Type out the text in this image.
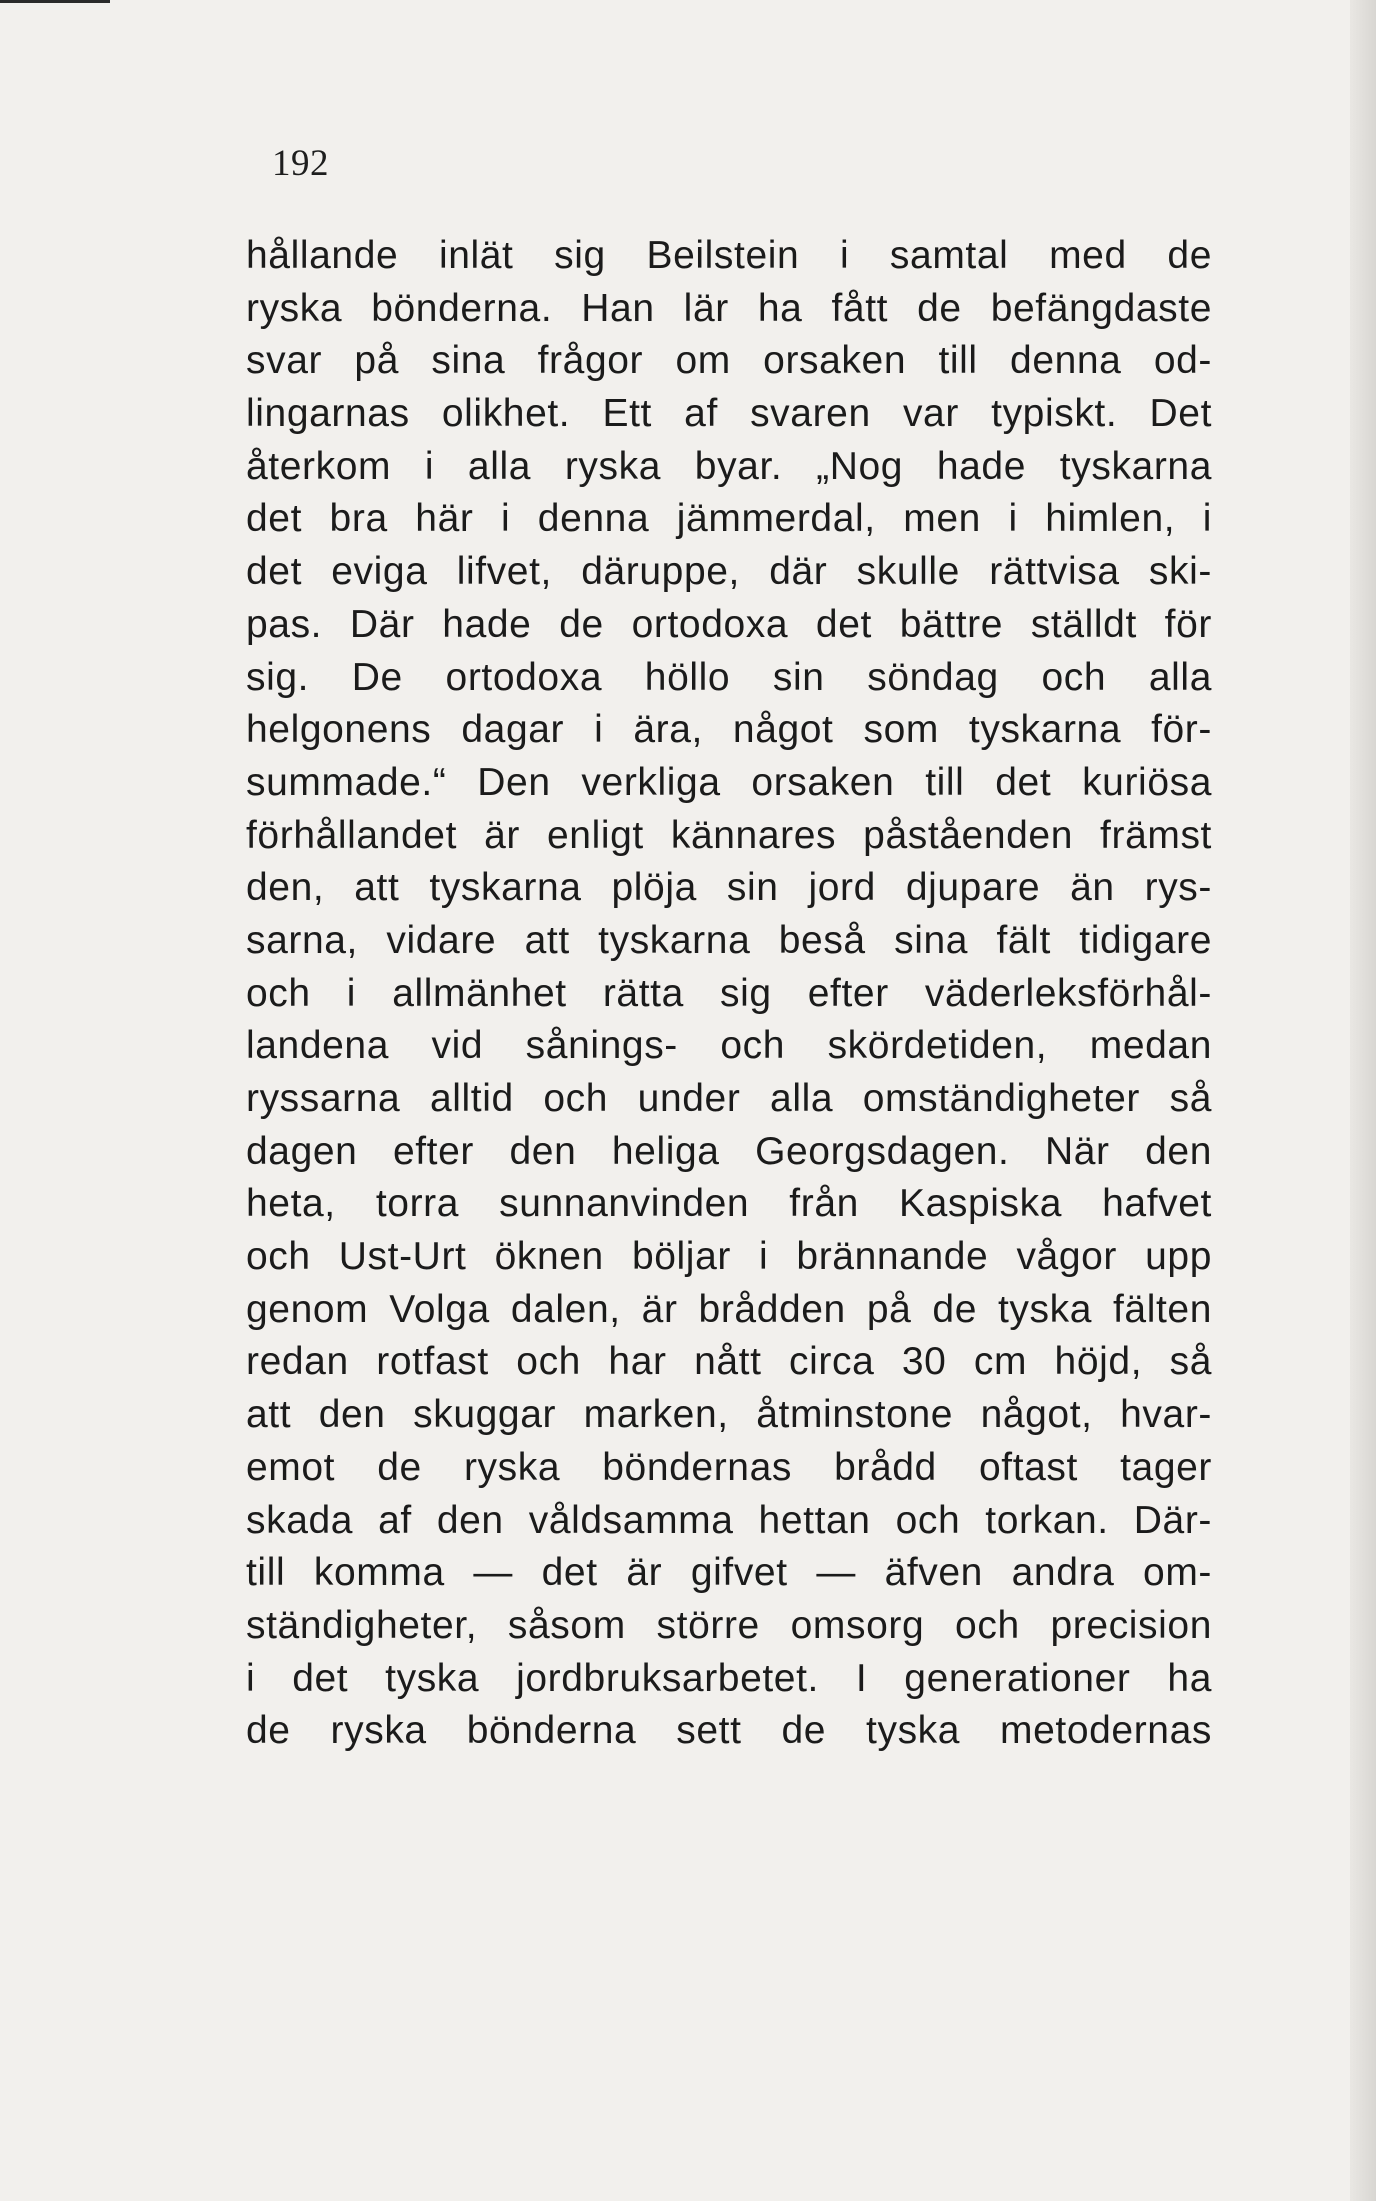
192
hållande inlät sig Beilstein i samtal med de
ryska bönderna. Han lär ha fått de befängdaste
svar på sina frågor om orsaken till denna od-
lingarnas olikhet. Ett af svaren var typiskt. Det
återkom i alla ryska byar. „Nog hade tyskarna
det bra här i denna jämmerdal, men i himlen, i
det eviga lifvet, däruppe, där skulle rättvisa ski-
pas. Där hade de ortodoxa det bättre ställdt för
sig. De ortodoxa höllo sin söndag och alla
helgonens dagar i ära, något som tyskarna för-
summade.“ Den verkliga orsaken till det kuriösa
förhållandet är enligt kännares påståenden främst
den, att tyskarna plöja sin jord djupare än rys-
sarna, vidare att tyskarna beså sina fält tidigare
och i allmänhet rätta sig efter väderleksförhål-
landena vid sånings- och skördetiden, medan
ryssarna alltid och under alla omständigheter så
dagen efter den heliga Georgsdagen. När den
heta, torra sunnanvinden från Kaspiska hafvet
och Ust-Urt öknen böljar i brännande vågor upp
genom Volga dalen, är brådden på de tyska fälten
redan rotfast och har nått circa 30 cm höjd, så
att den skuggar marken, åtminstone något, hvar-
emot de ryska böndernas brådd oftast tager
skada af den våldsamma hettan och torkan. Där-
till komma — det är gifvet — äfven andra om-
ständigheter, såsom större omsorg och precision
i det tyska jordbruksarbetet. I generationer ha
de ryska bönderna sett de tyska metodernas
